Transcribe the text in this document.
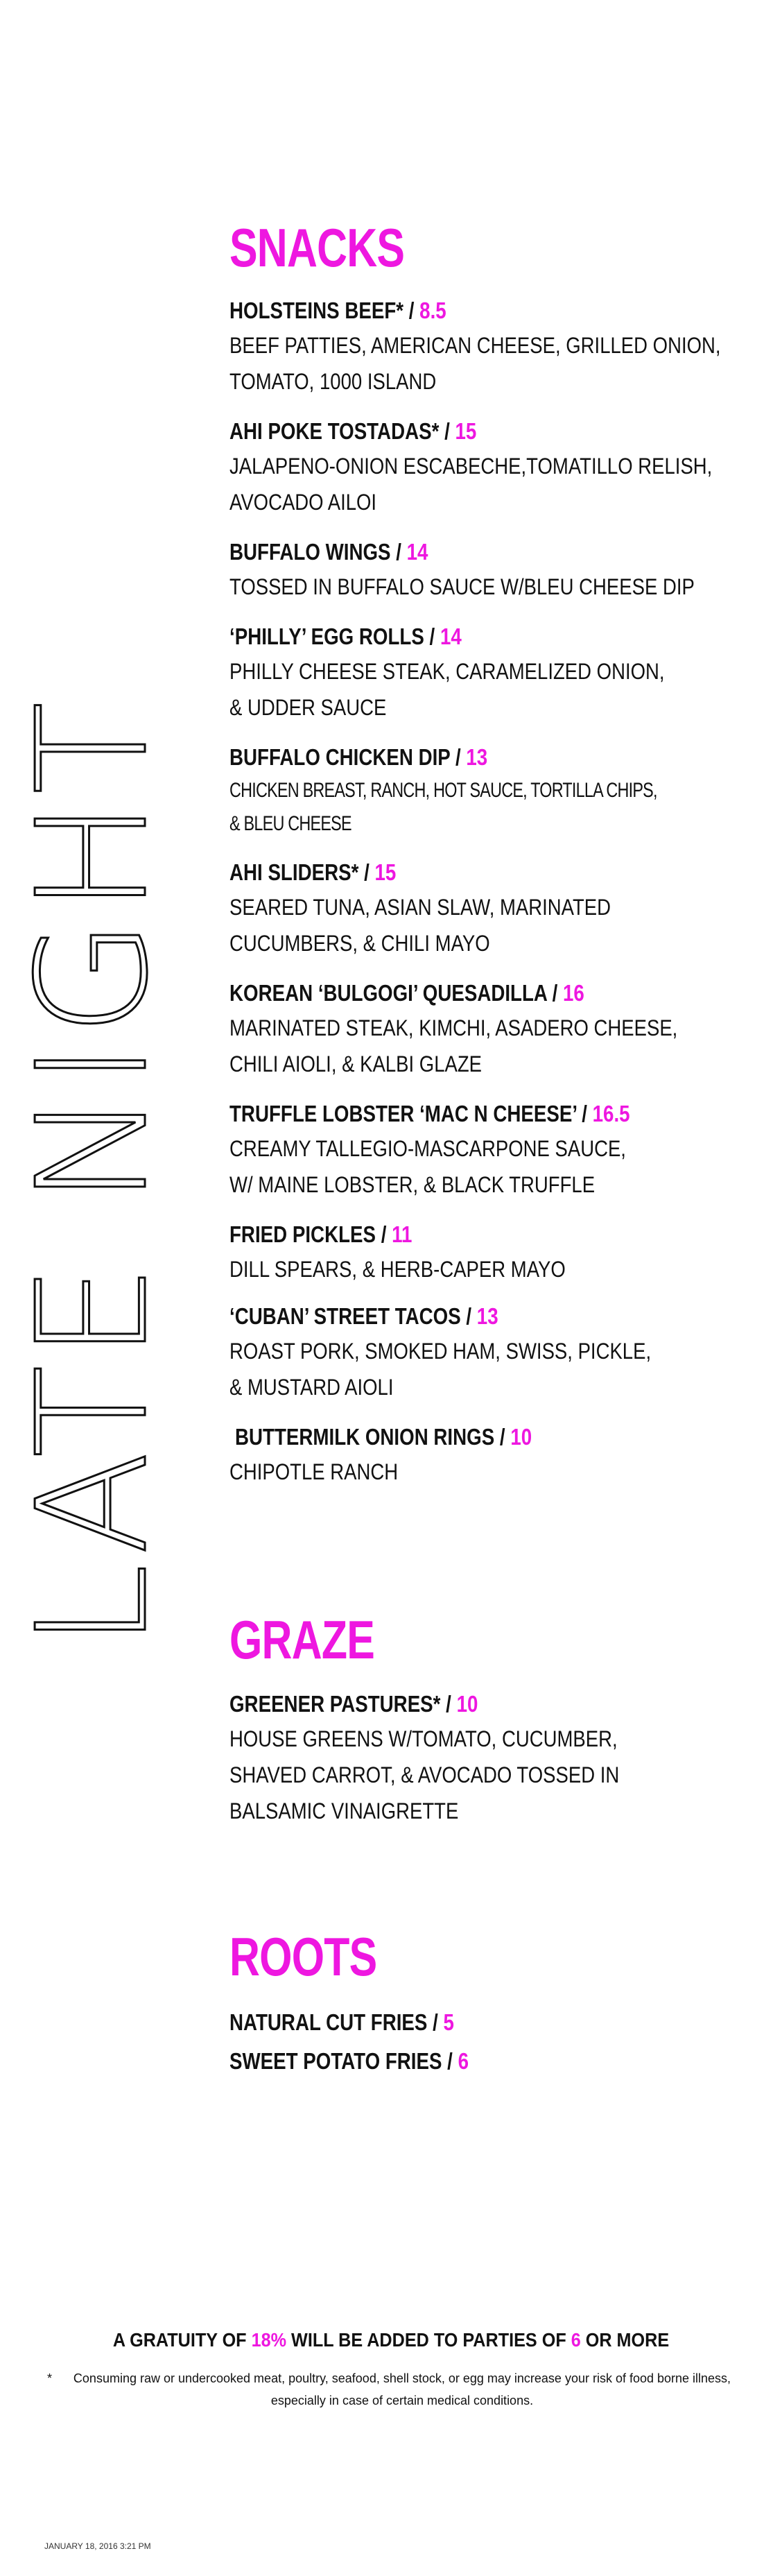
LATE NIGHT
SNACKS
HOLSTEINS BEEF* / 8.5
BEEF PATTIES, AMERICAN CHEESE, GRILLED ONION,
TOMATO, 1000 ISLAND
AHI POKE TOSTADAS* / 15
JALAPENO-ONION ESCABECHE,TOMATILLO RELISH,
AVOCADO AILOI
BUFFALO WINGS / 14
TOSSED IN BUFFALO SAUCE W/BLEU CHEESE DIP
‘PHILLY’ EGG ROLLS / 14
PHILLY CHEESE STEAK, CARAMELIZED ONION,
& UDDER SAUCE
BUFFALO CHICKEN DIP / 13
CHICKEN BREAST, RANCH, HOT SAUCE, TORTILLA CHIPS,
& BLEU CHEESE
AHI SLIDERS* / 15
SEARED TUNA, ASIAN SLAW, MARINATED
CUCUMBERS, & CHILI MAYO
KOREAN ‘BULGOGI’ QUESADILLA / 16
MARINATED STEAK, KIMCHI, ASADERO CHEESE,
CHILI AIOLI, & KALBI GLAZE
TRUFFLE LOBSTER ‘MAC N CHEESE’ / 16.5
CREAMY TALLEGIO-MASCARPONE SAUCE,
W/ MAINE LOBSTER, & BLACK TRUFFLE
FRIED PICKLES / 11
DILL SPEARS, & HERB-CAPER MAYO
‘CUBAN’ STREET TACOS / 13
ROAST PORK, SMOKED HAM, SWISS, PICKLE,
& MUSTARD AIOLI
BUTTERMILK ONION RINGS / 10
CHIPOTLE RANCH
GRAZE
GREENER PASTURES* / 10
HOUSE GREENS W/TOMATO, CUCUMBER,
SHAVED CARROT, & AVOCADO TOSSED IN
BALSAMIC VINAIGRETTE
ROOTS
NATURAL CUT FRIES / 5
SWEET POTATO FRIES / 6
A GRATUITY OF 18% WILL BE ADDED TO PARTIES OF 6 OR MORE
*	Consuming raw or undercooked meat, poultry, seafood, shell stock, or egg may increase your risk of food borne illness,
especially in case of certain medical conditions.
JANUARY 18, 2016 3:21 PM
